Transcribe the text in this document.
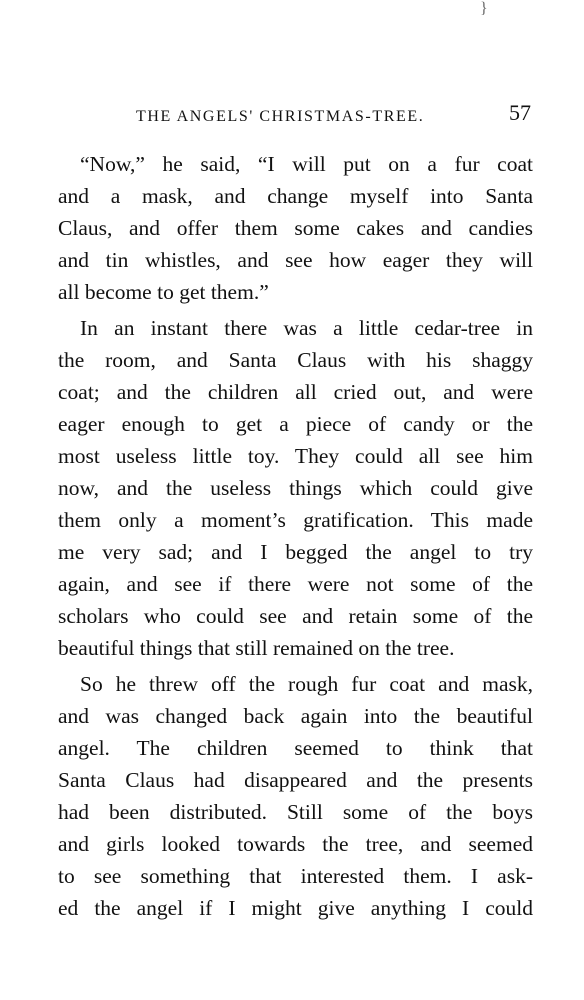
}
THE ANGELS' CHRISTMAS-TREE.	57
“Now,” he said, “I will put on a fur coat
and a mask, and change myself into Santa
Claus, and offer them some cakes and candies
and tin whistles, and see how eager they will
all become to get them.”
In an instant there was a little cedar-tree in
the room, and Santa Claus with his shaggy
coat; and the children all cried out, and were
eager enough to get a piece of candy or the
most useless little toy. They could all see him
now, and the useless things which could give
them only a moment’s gratification. This made
me very sad; and I begged the angel to try
again, and see if there were not some of the
scholars who could see and retain some of the
beautiful things that still remained on the tree.
So he threw off the rough fur coat and mask,
and was changed back again into the beautiful
angel. The children seemed to think that
Santa Claus had disappeared and the presents
had been distributed. Still some of the boys
and girls looked towards the tree, and seemed
to see something that interested them. I ask-
ed the angel if I might give anything I could
